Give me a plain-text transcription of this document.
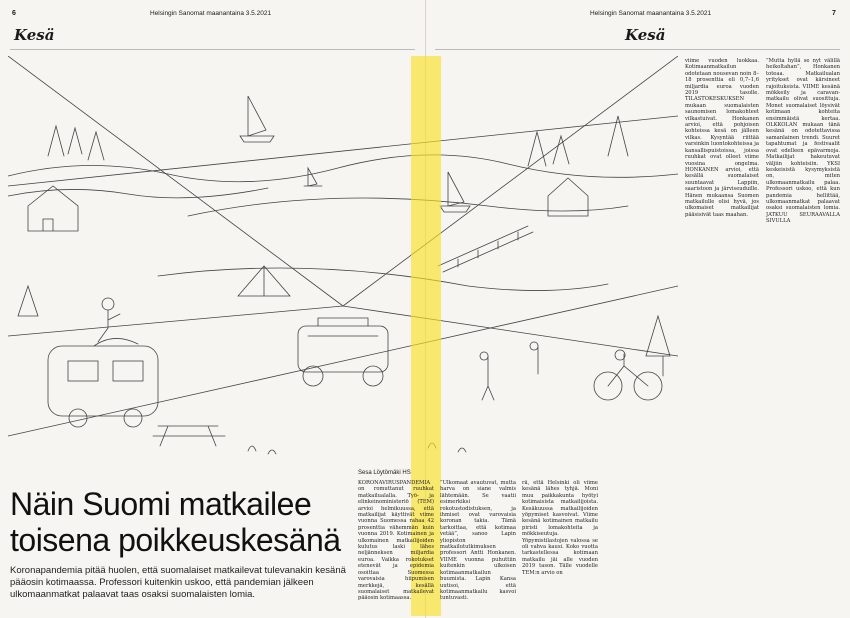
6	Helsingin Sanomat maanantaina 3.5.2021	Helsingin Sanomat maanantaina 3.5.2021	7
Kesä	Kesä
viime vuoden luokkaa. Kotimaanmatkailun odotetaan nousevan noin 8–18 prosenttia eli 0,7–1,6 miljardia euroa vuoden 2019 tasolle. TILASTOKESKUKSEN mukaan suomalaisten saunomisen lomakohteet vilkastuivat. Honkanen arvioi, että pohjoisen kohteissa kesä on jälleen vilkas. Kysyntää riittää varsinkin luontokohteissa ja kansallispuistoissa, joissa ruuhkat ovat olleet viime vuosina ongelma. HONKANEN arvioi, että kesällä suomalaiset suuntaavat Lappiin, saaristoon ja järviseuduille. Hänen mukaansa Suomen matkailulle olisi hyvä, jos ulkomaiset matkailijat pääsisivät taas maahan.
”Mutta hyllä se nyt välillä heikoltahan”, Honkanen toteaa. Matkailualan yritykset ovat kärsineet rajoituksista. VIIME kesänä mökkeily ja caravan-matkailu olivat suosittuja. Monet suomalaiset löysivät kotimaan kohteita ensimmäistä kertaa. OLKKOLAN mukaan tänä kesänä on odotettavissa samanlainen trendi. Suuret tapahtumat ja festivaalit ovat edelleen epävarmoja. Matkailijat hakeutuvat väljiin kohteisiin. YKSI keskeisistä kysymyksistä on, miten ulkomaanmatkailu palaa. Professori uskoo, että kun pandemia hellittää, ulkomaanmatkat palaavat osaksi suomalaisten lomia. JATKUU SEURAAVALLA SIVULLA
Näin Suomi matkailee
toisena poikkeuskesänä
Koronapandemia pitää huolen, että suomalaiset matkailevat tulevanakin kesänä pääosin kotimaassa. Professori kuitenkin uskoo, että pandemian jälkeen ulkomaanmatkat palaavat taas osaksi suomalaisten lomia.
Sesa Löytömäki HS
KORONAVIRUSPANDEMIA on romuttanut ruuhkat matkailualalla. Työ- ja elinkeinoministeriö (TEM) arvioi helmikuussa, että matkailijat käyttivät viime vuonna Suomessa rahaa 42 prosenttia vähemmän kuin vuonna 2019. Kotimainen ja ulkomainen matkailijoiden kulutus laski lähes neljänneksen miljardia euroa. Vaikka rokotukset etenevät ja epidemia osoittaa Suomessa varovaisia hiipumisen merkkejä, kesällä suomalaiset matkailevat pääosin kotimaassa.
”Ulkomaat avautuvat, mutta harva on siane valmis lähtemään. Se vaatii esimerkiksi rokotustodistuksen, ja ihmiset ovat varovaisia koronan takia. Tämä tarkoittaa, että kotimaa vetää”, sanoo Lapin yliopiston matkailututkimuksen professori Antti Honkanen. VIIME vuonna puhuttiin kuitenkin ulkoisen kotimaanmatkailun buumista. Lapin Kansa uutisoi, että kotimaanmatkailu kasvoi tuntuvasti.
rä, että Helsinki oli viime kesänä lähes tyhjä. Moni muu paikkakunta hyötyi kotimaisista matkailijoista. Kesäkuussa matkailijoiden yöpymiset kasvoivat. Viime kesänä kotimainen matkailu piristi lomakohteita ja mökkiseutuja. Yöpymistilastojen valossa se oli vahva kausi. Koko vuotta tarkastellessa kotimaan matkailu jäi alle vuoden 2019 tason. Tälle vuodelle TEM:n arvio on
